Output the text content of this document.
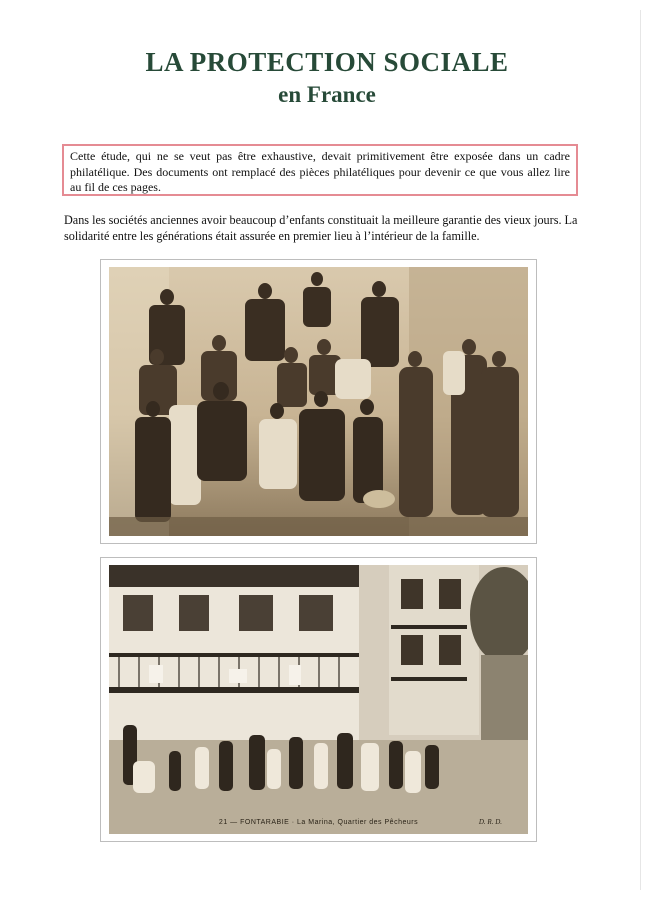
LA PROTECTION SOCIALE
en France
Cette étude, qui ne se veut pas être exhaustive, devait primitivement être exposée dans un cadre philatélique. Des documents ont remplacé des pièces philatéliques pour devenir ce que vous allez lire au fil de ces pages.
Dans les sociétés anciennes avoir beaucoup d’enfants constituait la meilleure garantie des vieux jours. La solidarité entre les générations était assurée en premier lieu à l’intérieur de la famille.
21 — FONTARABIE · La Marina, Quartier des Pêcheurs	D. R. D.
